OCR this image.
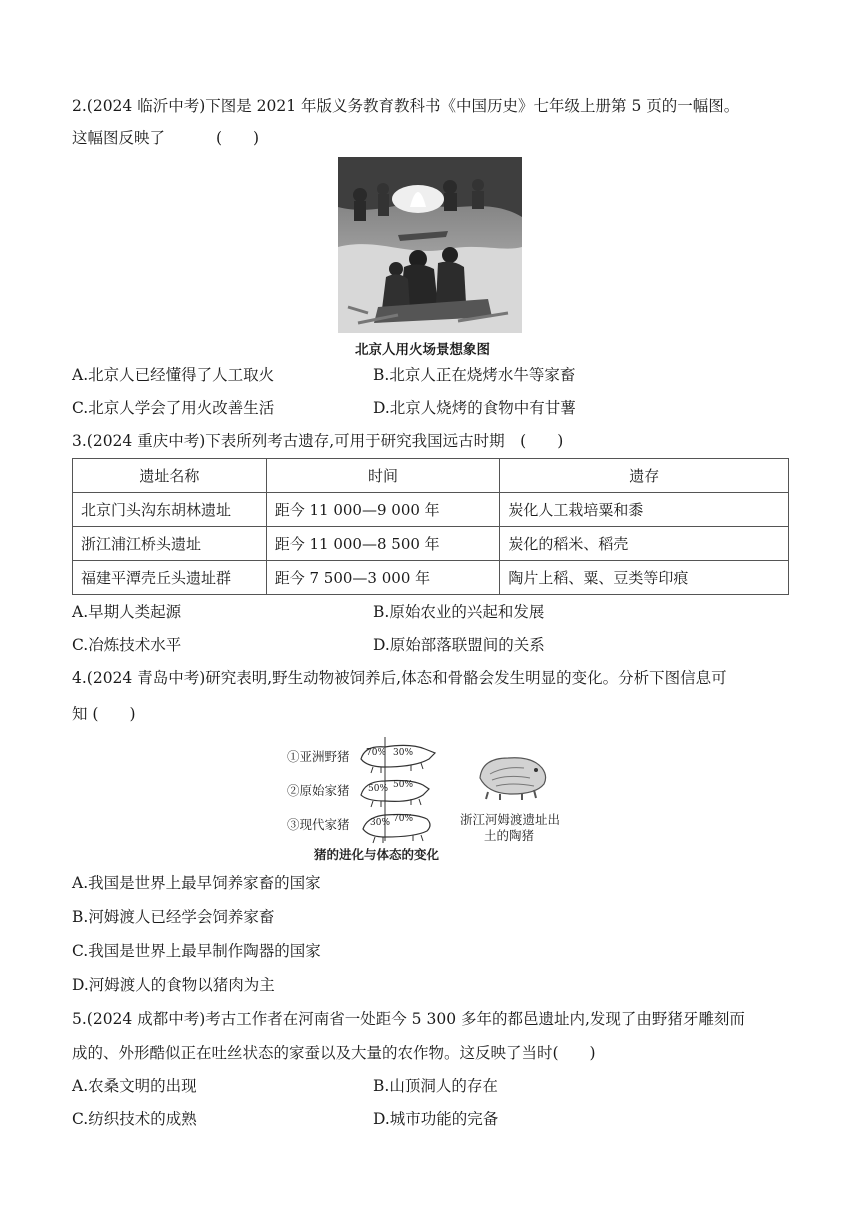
2.(2024 临沂中考)下图是 2021 年版义务教育教科书《中国历史》七年级上册第 5 页的一幅图。
这幅图反映了	(　　)
北京人用火场景想象图
A.北京人已经懂得了人工取火	B.北京人正在烧烤水牛等家畜
C.北京人学会了用火改善生活	D.北京人烧烤的食物中有甘薯
3.(2024 重庆中考)下表所列考古遗存,可用于研究我国远古时期　(　　)
遗址名称	时间	遗存
北京门头沟东胡林遗址	距今 11 000—9 000 年	炭化人工栽培粟和黍
浙江浦江桥头遗址	距今 11 000—8 500 年	炭化的稻米、稻壳
福建平潭壳丘头遗址群	距今 7 500—3 000 年	陶片上稻、粟、豆类等印痕
A.早期人类起源	B.原始农业的兴起和发展
C.冶炼技术水平	D.原始部落联盟间的关系
4.(2024 青岛中考)研究表明,野生动物被饲养后,体态和骨骼会发生明显的变化。分析下图信息可
知 (　　)
①亚洲野猪
②原始家猪
③现代家猪
70% 30%
50% 50%
30% 70%
猪的进化与体态的变化
浙江河姆渡遗址出
土的陶猪
A.我国是世界上最早饲养家畜的国家
B.河姆渡人已经学会饲养家畜
C.我国是世界上最早制作陶器的国家
D.河姆渡人的食物以猪肉为主
5.(2024 成都中考)考古工作者在河南省一处距今 5 300 多年的都邑遗址内,发现了由野猪牙雕刻而
成的、外形酷似正在吐丝状态的家蚕以及大量的农作物。这反映了当时(　　)
A.农桑文明的出现	B.山顶洞人的存在
C.纺织技术的成熟	D.城市功能的完备
